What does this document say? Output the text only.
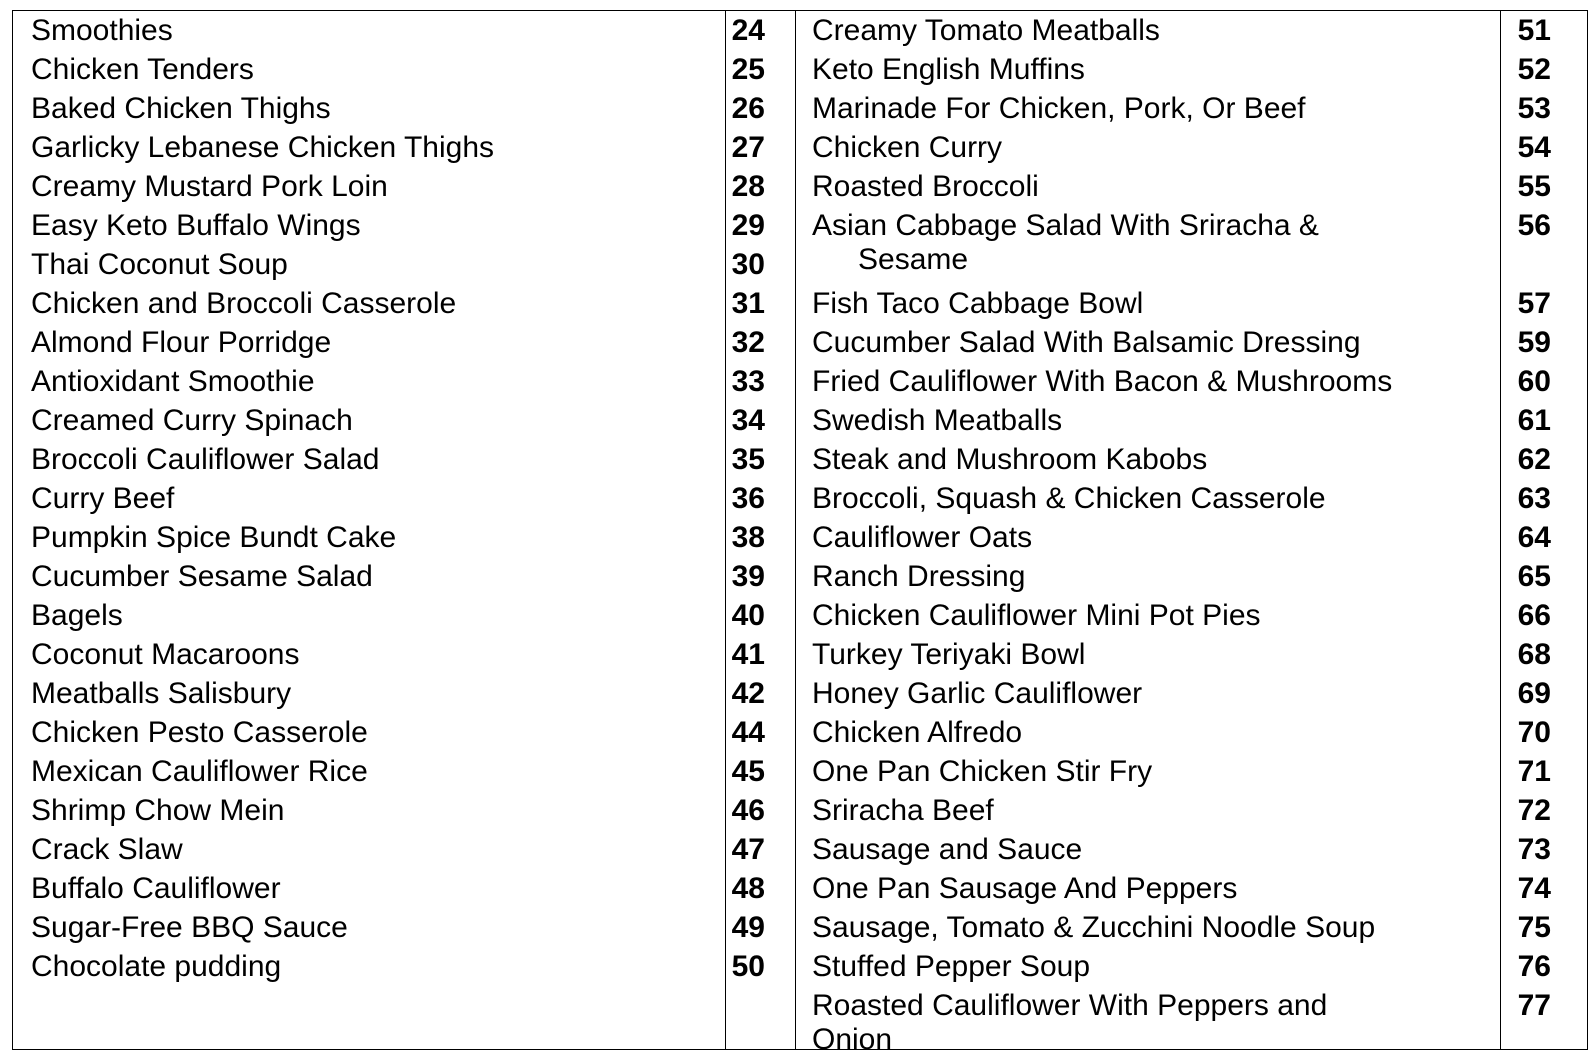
Smoothies	24
Chicken Tenders	25
Baked Chicken Thighs	26
Garlicky Lebanese Chicken Thighs	27
Creamy Mustard Pork Loin	28
Easy Keto Buffalo Wings	29
Thai Coconut Soup	30
Chicken and Broccoli Casserole	31
Almond Flour Porridge	32
Antioxidant Smoothie	33
Creamed Curry Spinach	34
Broccoli Cauliflower Salad	35
Curry Beef	36
Pumpkin Spice Bundt Cake	38
Cucumber Sesame Salad	39
Bagels	40
Coconut Macaroons	41
Meatballs Salisbury	42
Chicken Pesto Casserole	44
Mexican Cauliflower Rice	45
Shrimp Chow Mein	46
Crack Slaw	47
Buffalo Cauliflower	48
Sugar-Free BBQ Sauce	49
Chocolate pudding	50
Creamy Tomato Meatballs	51
Keto English Muffins	52
Marinade For Chicken, Pork, Or Beef	53
Chicken Curry	54
Roasted Broccoli	55
Asian Cabbage Salad With Sriracha &
Sesame
56
Fish Taco Cabbage Bowl	57
Cucumber Salad With Balsamic Dressing	59
Fried Cauliflower With Bacon & Mushrooms	60
Swedish Meatballs	61
Steak and Mushroom Kabobs	62
Broccoli, Squash & Chicken Casserole	63
Cauliflower Oats	64
Ranch Dressing	65
Chicken Cauliflower Mini Pot Pies	66
Turkey Teriyaki Bowl	68
Honey Garlic Cauliflower	69
Chicken Alfredo	70
One Pan Chicken Stir Fry	71
Sriracha Beef	72
Sausage and Sauce	73
One Pan Sausage And Peppers	74
Sausage, Tomato & Zucchini Noodle Soup	75
Stuffed Pepper Soup	76
Roasted Cauliflower With Peppers and Onion
77
